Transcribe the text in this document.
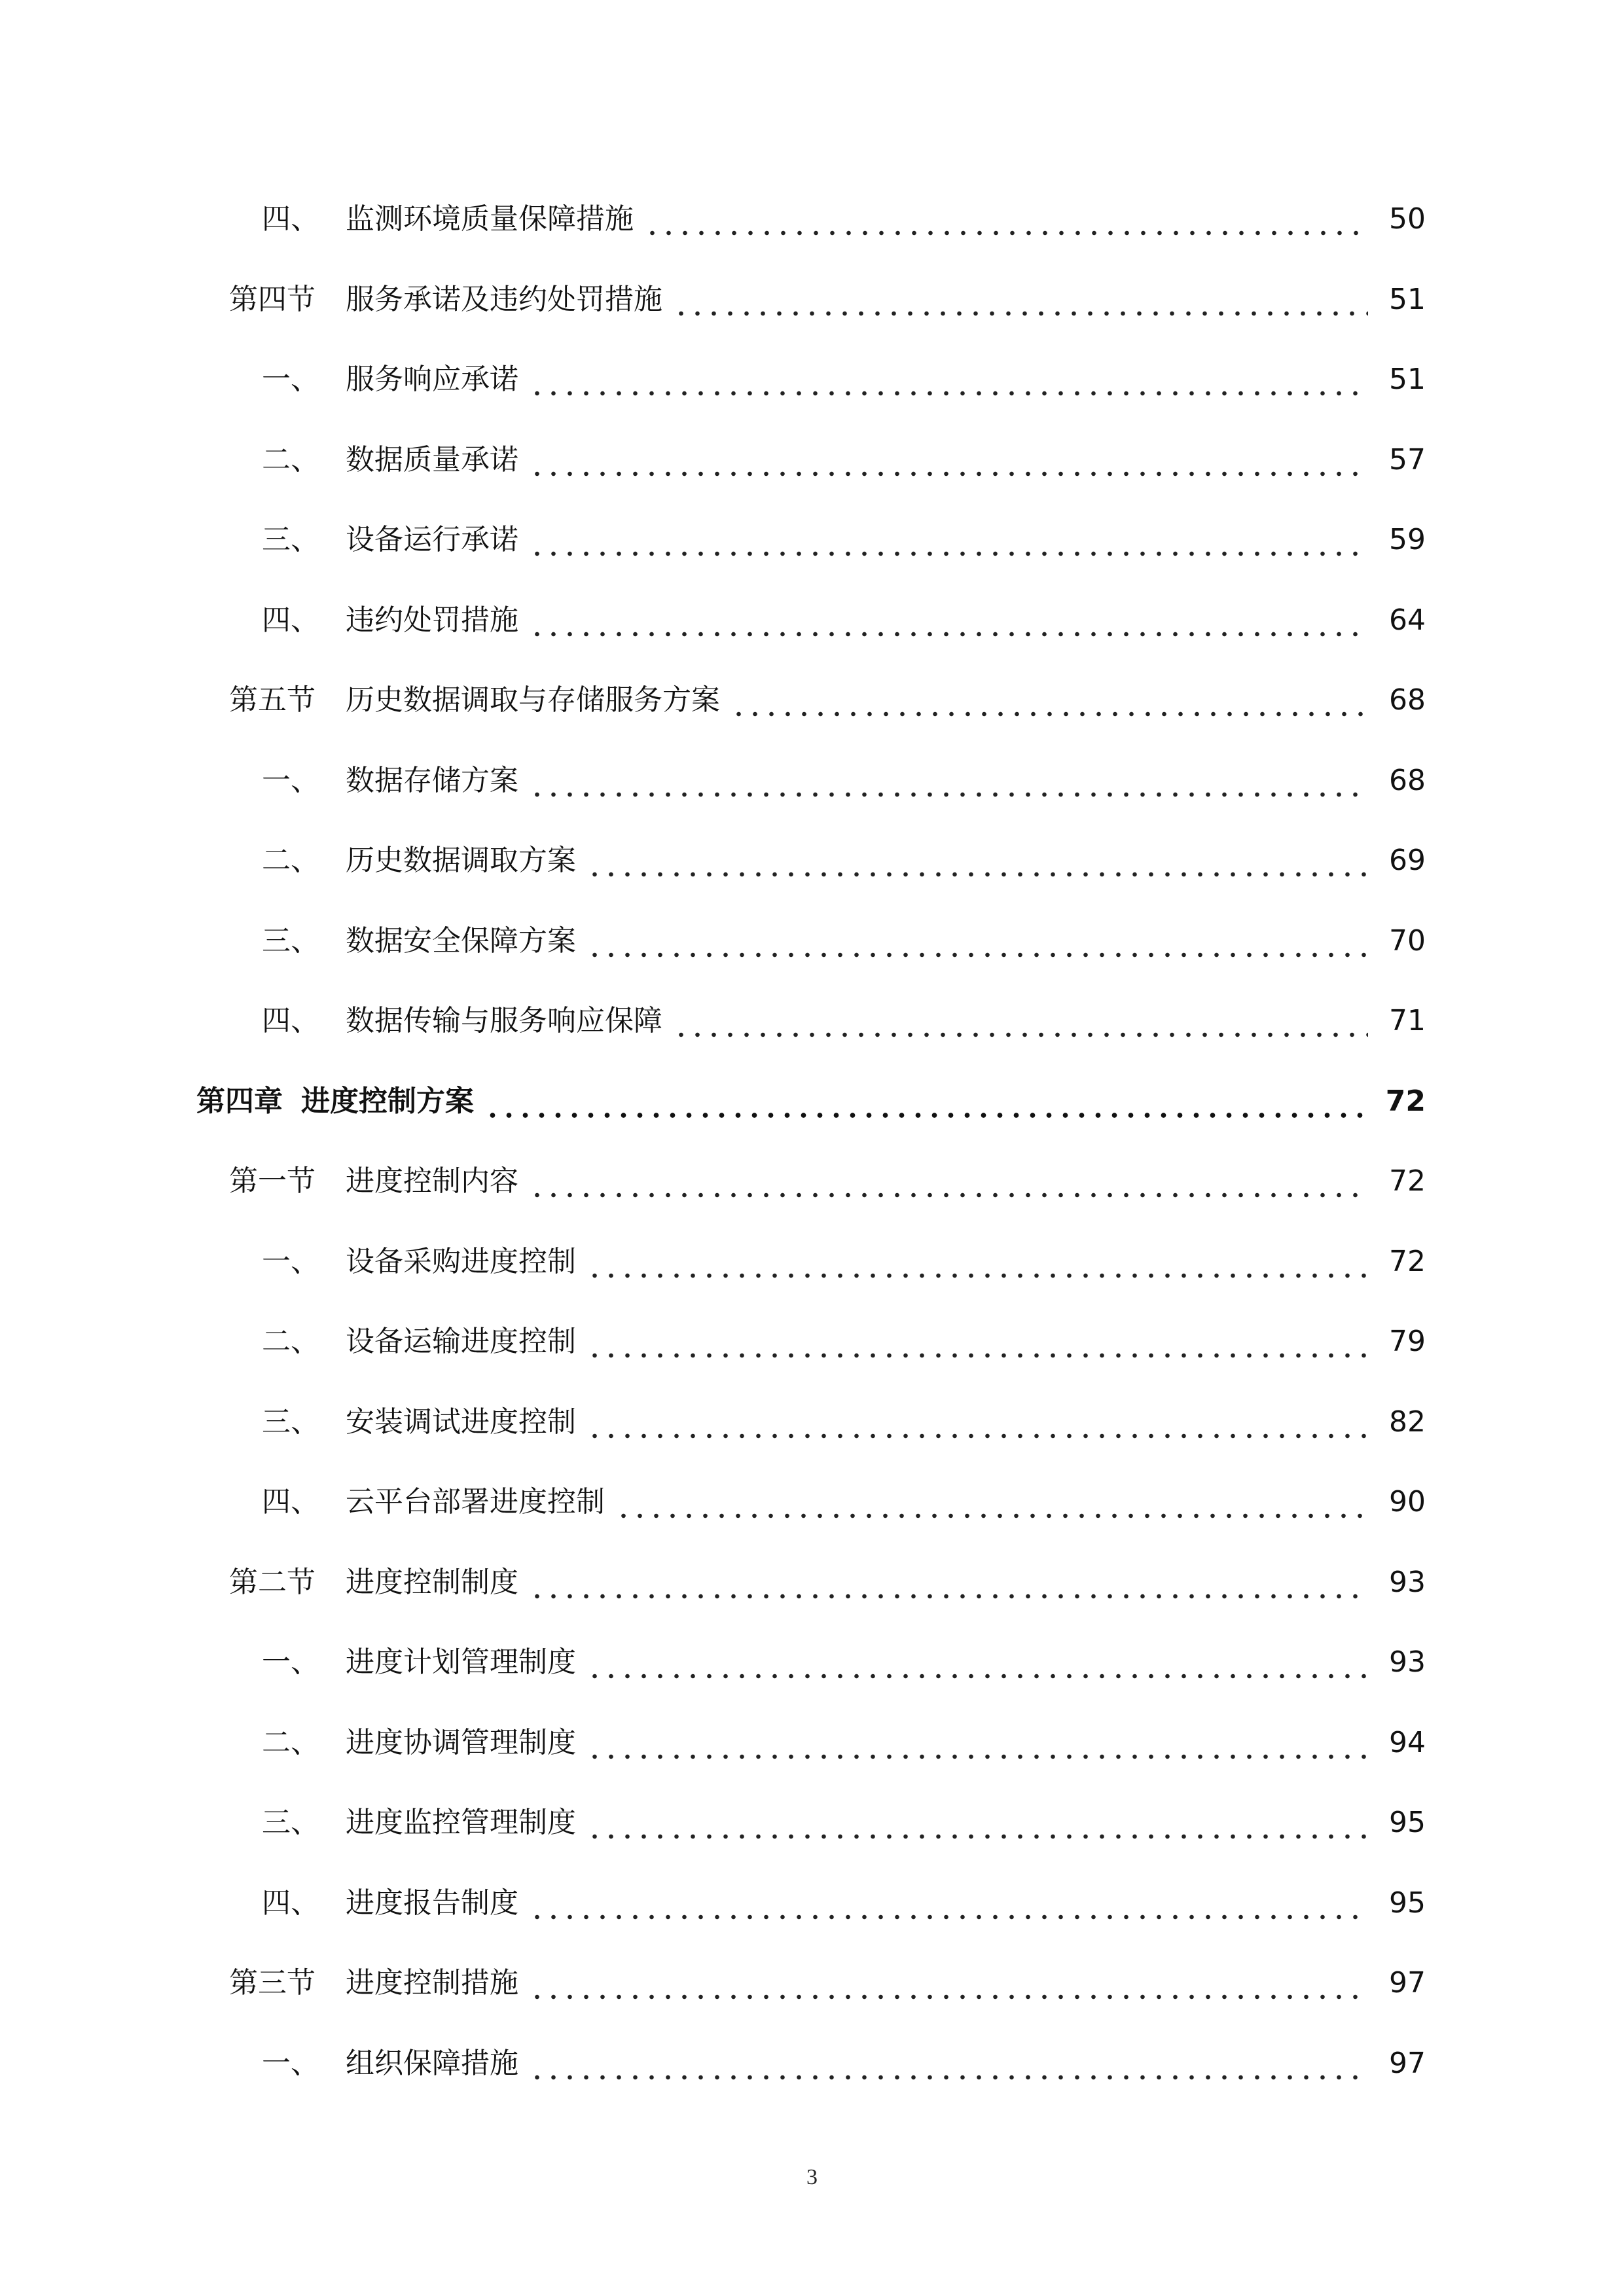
四、 监测环境质量保障措施	50
第四节	服务承诺及违约处罚措施	51
一、 服务响应承诺	51
二、 数据质量承诺	57
三、 设备运行承诺	59
四、 违约处罚措施	64
第五节	历史数据调取与存储服务方案	68
一、 数据存储方案	68
二、 历史数据调取方案	69
三、 数据安全保障方案	70
四、 数据传输与服务响应保障	71
第四章 进度控制方案	72
第一节	进度控制内容	72
一、 设备采购进度控制	72
二、 设备运输进度控制	79
三、 安装调试进度控制	82
四、 云平台部署进度控制	90
第二节	进度控制制度	93
一、 进度计划管理制度	93
二、 进度协调管理制度	94
三、 进度监控管理制度	95
四、 进度报告制度	95
第三节	进度控制措施	97
一、 组织保障措施	97
3
